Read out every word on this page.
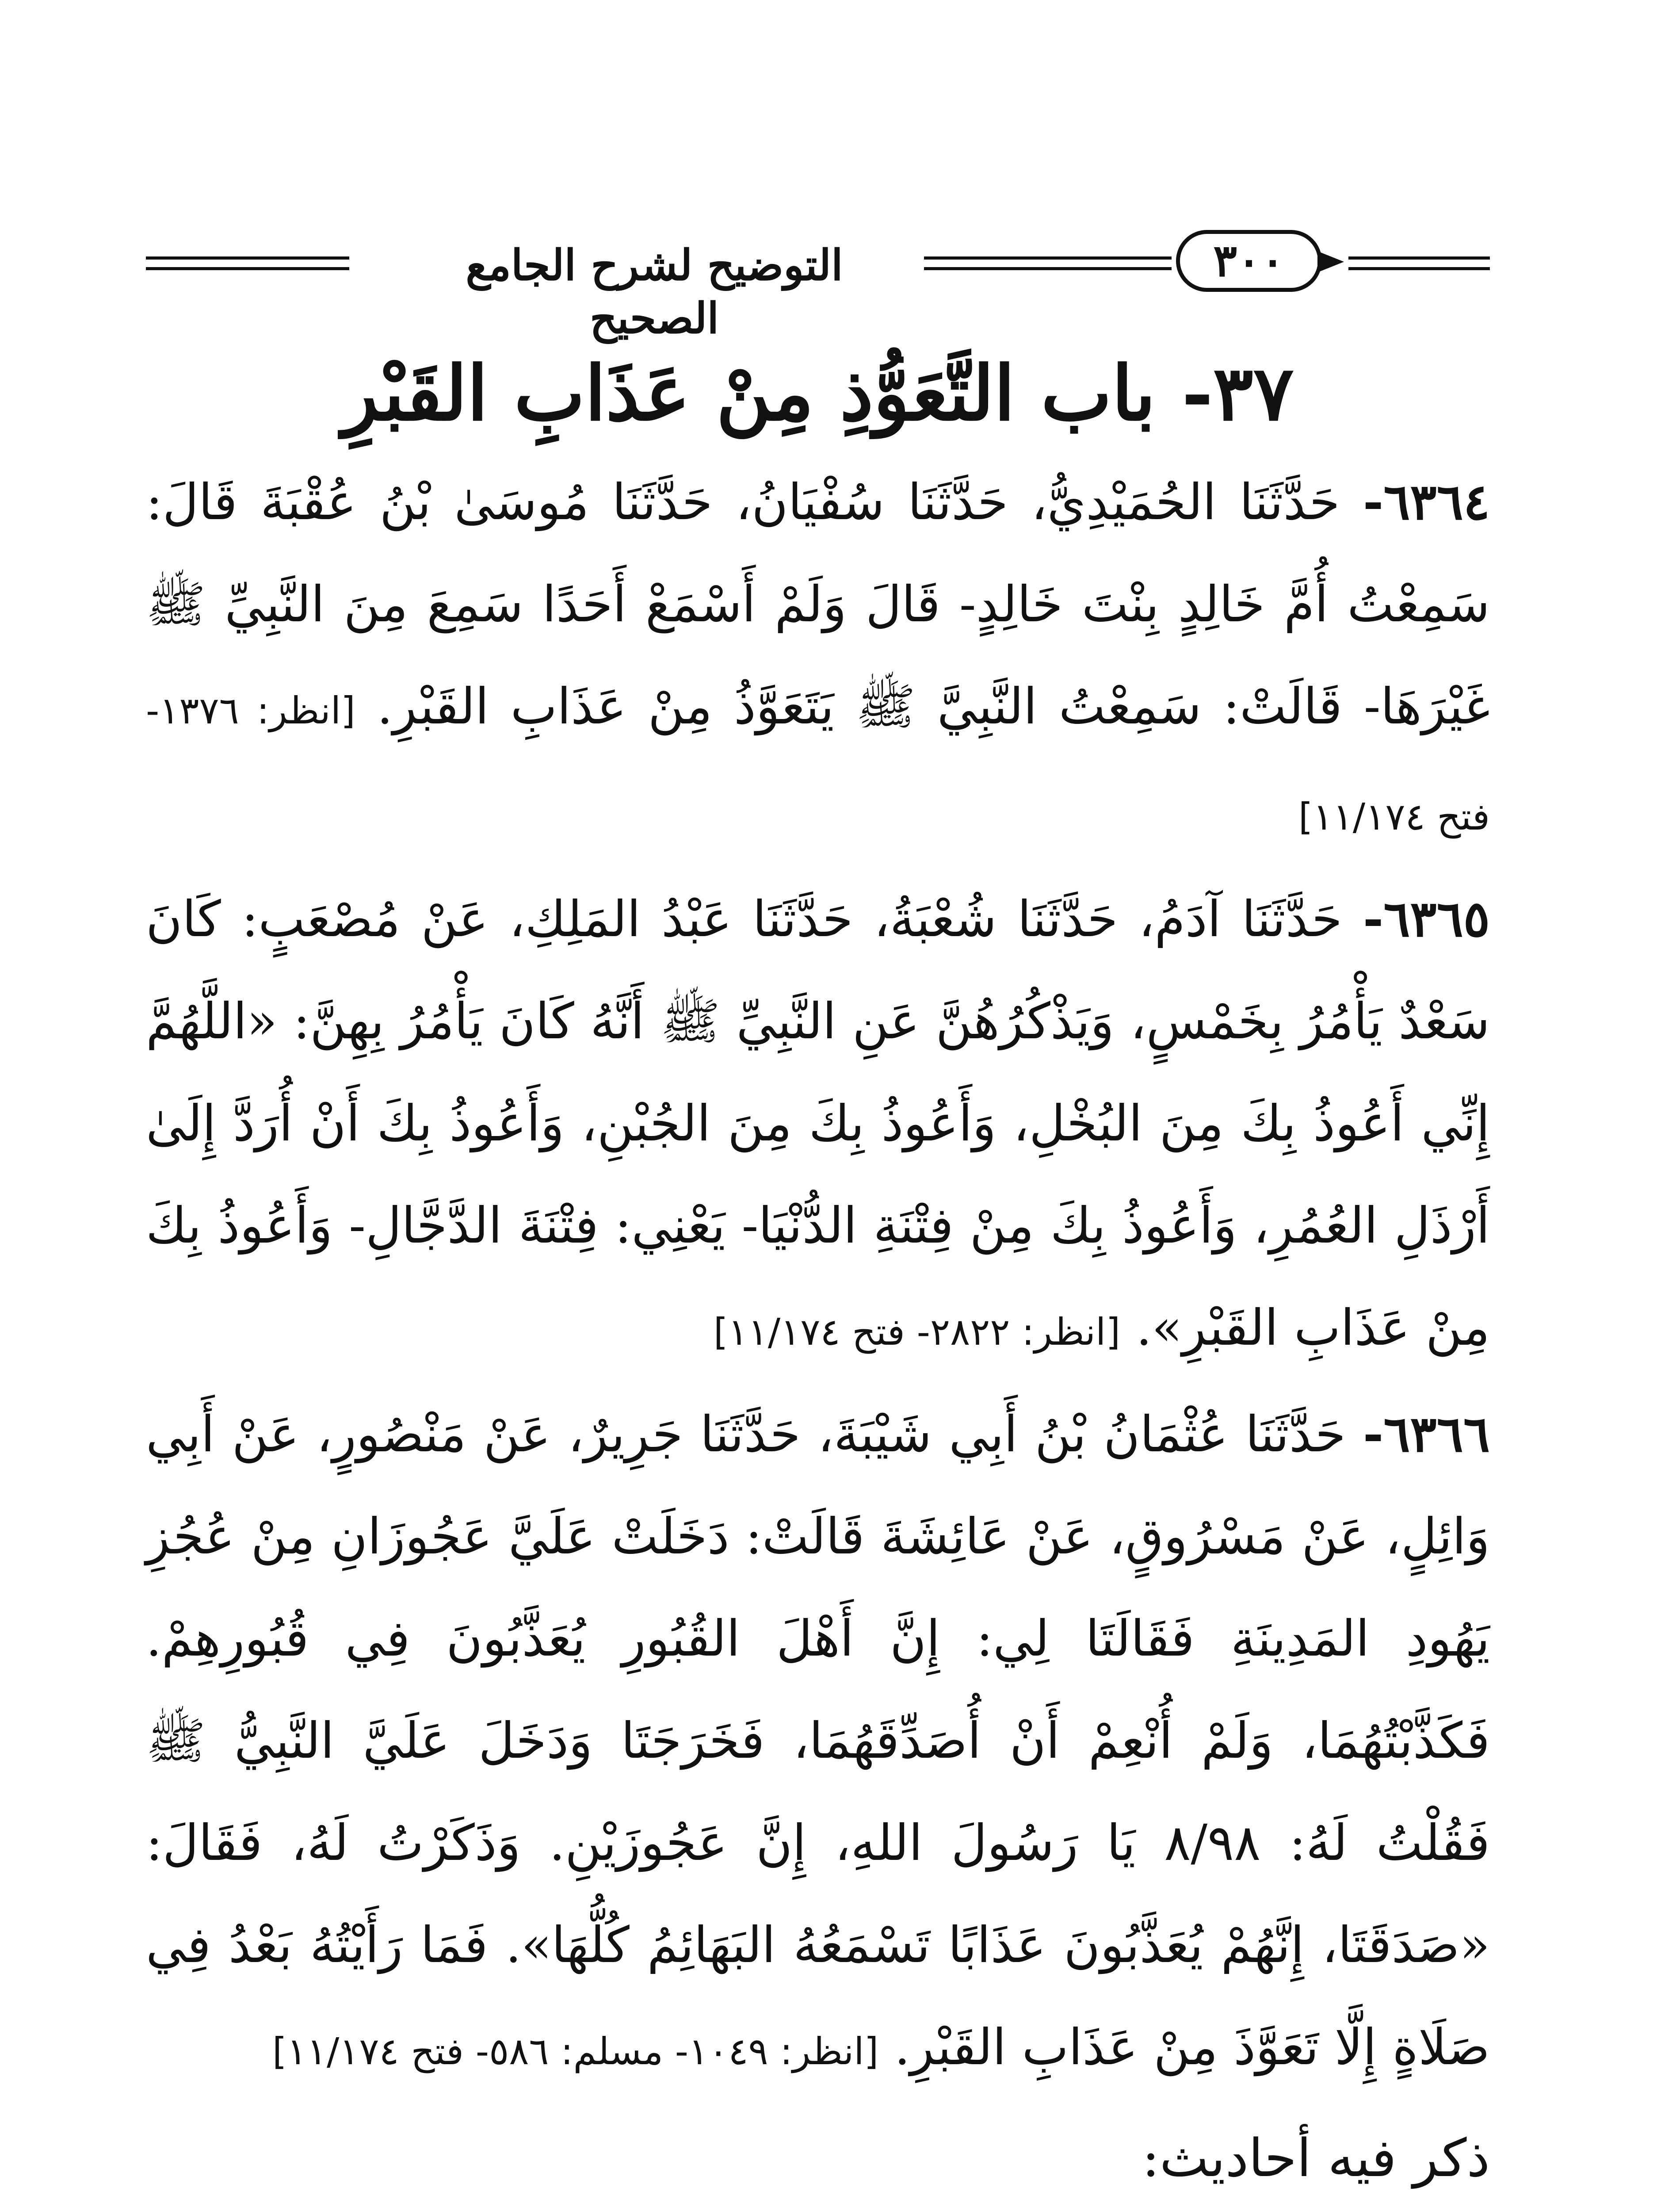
التوضيح لشرح الجامع الصحيح
٣٠٠
٣٧- باب التَّعَوُّذِ مِنْ عَذَابِ القَبْرِ

٦٣٦٤- حَدَّثَنَا الحُمَيْدِيُّ، حَدَّثَنَا سُفْيَانُ، حَدَّثَنَا مُوسَىٰ بْنُ عُقْبَةَ قَالَ: سَمِعْتُ أُمَّ خَالِدٍ بِنْتَ خَالِدٍ- قَالَ وَلَمْ أَسْمَعْ أَحَدًا سَمِعَ مِنَ النَّبِيِّ ﷺ غَيْرَهَا- قَالَتْ: سَمِعْتُ النَّبِيَّ ﷺ يَتَعَوَّذُ مِنْ عَذَابِ القَبْرِ. [انظر: ١٣٧٦- فتح ١١/١٧٤]

٦٣٦٥- حَدَّثَنَا آدَمُ، حَدَّثَنَا شُعْبَةُ، حَدَّثَنَا عَبْدُ المَلِكِ، عَنْ مُصْعَبٍ: كَانَ سَعْدٌ يَأْمُرُ بِخَمْسٍ، وَيَذْكُرُهُنَّ عَنِ النَّبِيِّ ﷺ أَنَّهُ كَانَ يَأْمُرُ بِهِنَّ: «اللَّهُمَّ إِنِّي أَعُوذُ بِكَ مِنَ البُخْلِ، وَأَعُوذُ بِكَ مِنَ الجُبْنِ، وَأَعُوذُ بِكَ أَنْ أُرَدَّ إِلَىٰ أَرْذَلِ العُمُرِ، وَأَعُوذُ بِكَ مِنْ فِتْنَةِ الدُّنْيَا- يَعْنِي: فِتْنَةَ الدَّجَّالِ- وَأَعُوذُ بِكَ مِنْ عَذَابِ القَبْرِ». [انظر: ٢٨٢٢- فتح ١١/١٧٤]

٦٣٦٦- حَدَّثَنَا عُثْمَانُ بْنُ أَبِي شَيْبَةَ، حَدَّثَنَا جَرِيرٌ، عَنْ مَنْصُورٍ، عَنْ أَبِي وَائِلٍ، عَنْ مَسْرُوقٍ، عَنْ عَائِشَةَ قَالَتْ: دَخَلَتْ عَلَيَّ عَجُوزَانِ مِنْ عُجُزِ يَهُودِ المَدِينَةِ فَقَالَتَا لِي: إِنَّ أَهْلَ القُبُورِ يُعَذَّبُونَ فِي قُبُورِهِمْ. فَكَذَّبْتُهُمَا، وَلَمْ أُنْعِمْ أَنْ أُصَدِّقَهُمَا، فَخَرَجَتَا وَدَخَلَ عَلَيَّ النَّبِيُّ ﷺ فَقُلْتُ لَهُ: ٨/٩٨ يَا رَسُولَ اللهِ، إِنَّ عَجُوزَيْنِ. وَذَكَرْتُ لَهُ، فَقَالَ: «صَدَقَتَا، إِنَّهُمْ يُعَذَّبُونَ عَذَابًا تَسْمَعُهُ البَهَائِمُ كُلُّهَا». فَمَا رَأَيْتُهُ بَعْدُ فِي صَلَاةٍ إِلَّا تَعَوَّذَ مِنْ عَذَابِ القَبْرِ. [انظر: ١٠٤٩- مسلم: ٥٨٦- فتح ١١/١٧٤]

ذكر فيه أحاديث:
